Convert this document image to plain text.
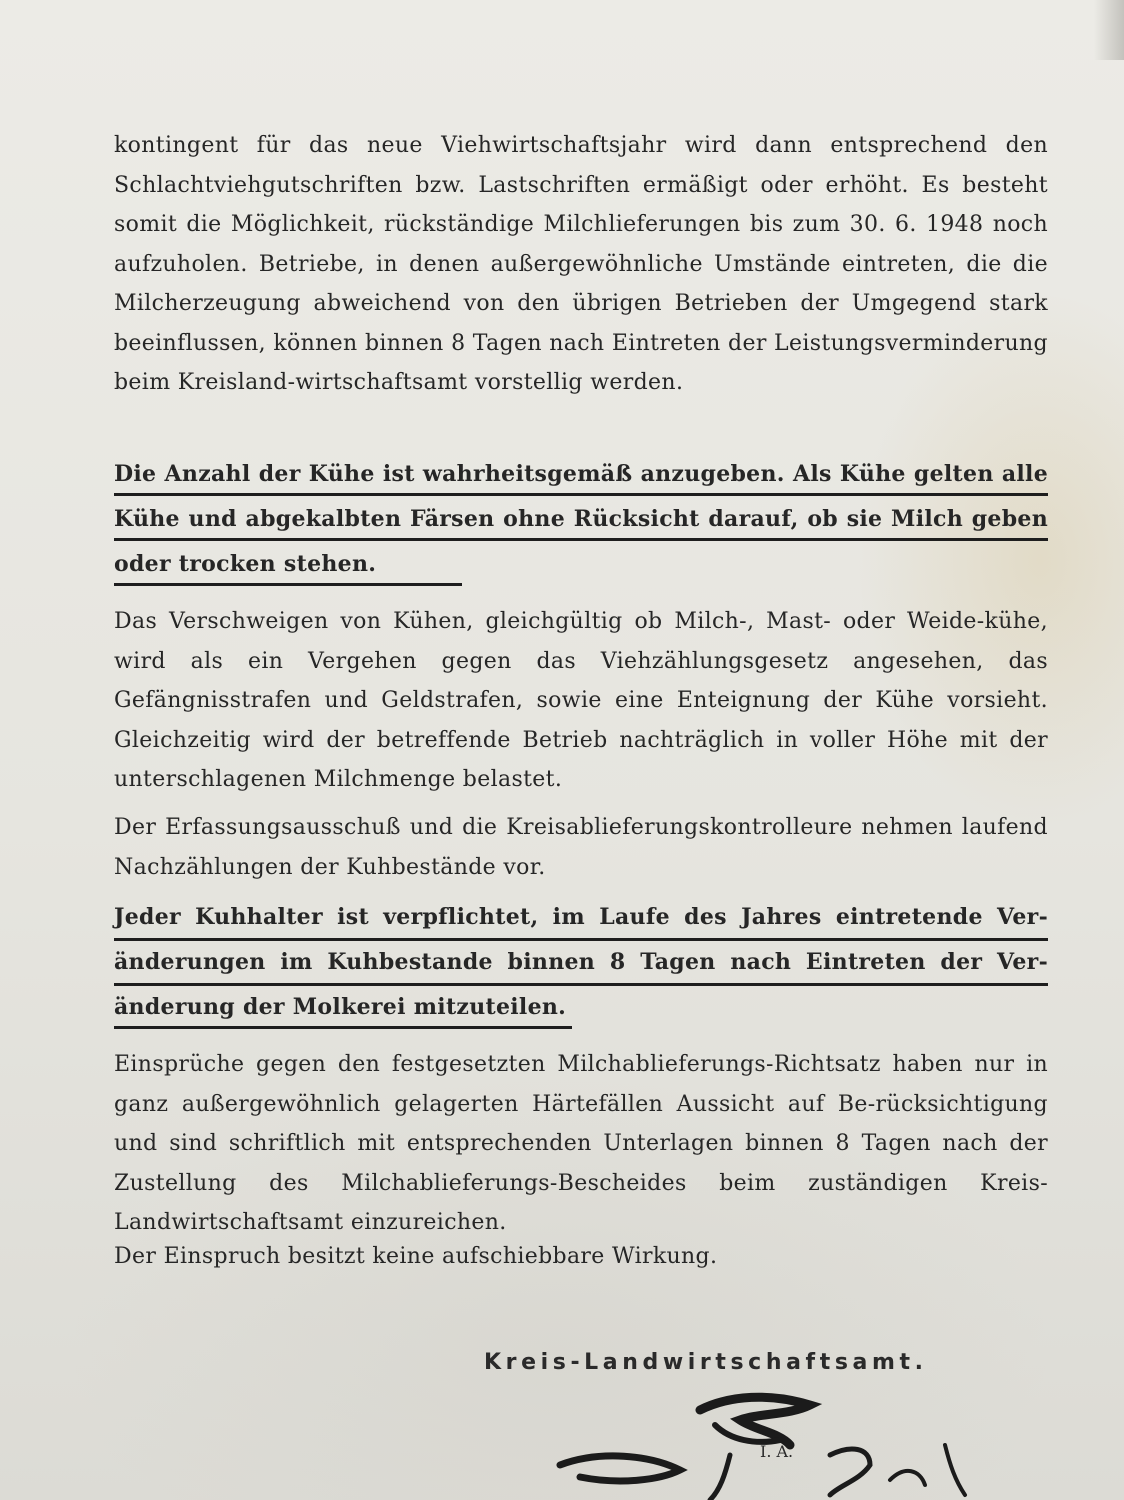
kontingent für das neue Viehwirtschaftsjahr wird dann entsprechend den Schlachtviehgutschriften bzw. Lastschriften ermäßigt oder erhöht. Es besteht somit die Möglichkeit, rückständige Milchlieferungen bis zum 30. 6. 1948 noch aufzuholen. Betriebe, in denen außergewöhnliche Umstände eintreten, die die Milcherzeugung abweichend von den übrigen Betrieben der Umgegend stark beeinflussen, können binnen 8 Tagen nach Eintreten der Leistungsverminderung beim Kreisland-wirtschaftsamt vorstellig werden.
Die Anzahl der Kühe ist wahrheitsgemäß anzugeben. Als Kühe gelten alle Kühe und abgekalbten Färsen ohne Rücksicht darauf, ob sie Milch geben oder trocken stehen.
Das Verschweigen von Kühen, gleichgültig ob Milch-, Mast- oder Weide-kühe, wird als ein Vergehen gegen das Viehzählungsgesetz angesehen, das Gefängnisstrafen und Geldstrafen, sowie eine Enteignung der Kühe vorsieht. Gleichzeitig wird der betreffende Betrieb nachträglich in voller Höhe mit der unterschlagenen Milchmenge belastet.
Der Erfassungsausschuß und die Kreisablieferungskontrolleure nehmen laufend Nachzählungen der Kuhbestände vor.
Jeder Kuhhalter ist verpflichtet, im Laufe des Jahres eintretende Ver-änderungen im Kuhbestande binnen 8 Tagen nach Eintreten der Ver-änderung der Molkerei mitzuteilen.
Einsprüche gegen den festgesetzten Milchablieferungs-Richtsatz haben nur in ganz außergewöhnlich gelagerten Härtefällen Aussicht auf Be-rücksichtigung und sind schriftlich mit entsprechenden Unterlagen binnen 8 Tagen nach der Zustellung des Milchablieferungs-Bescheides beim zuständigen Kreis-Landwirtschaftsamt einzureichen.
Der Einspruch besitzt keine aufschiebbare Wirkung.
Kreis-Landwirtschaftsamt.
I. A.
